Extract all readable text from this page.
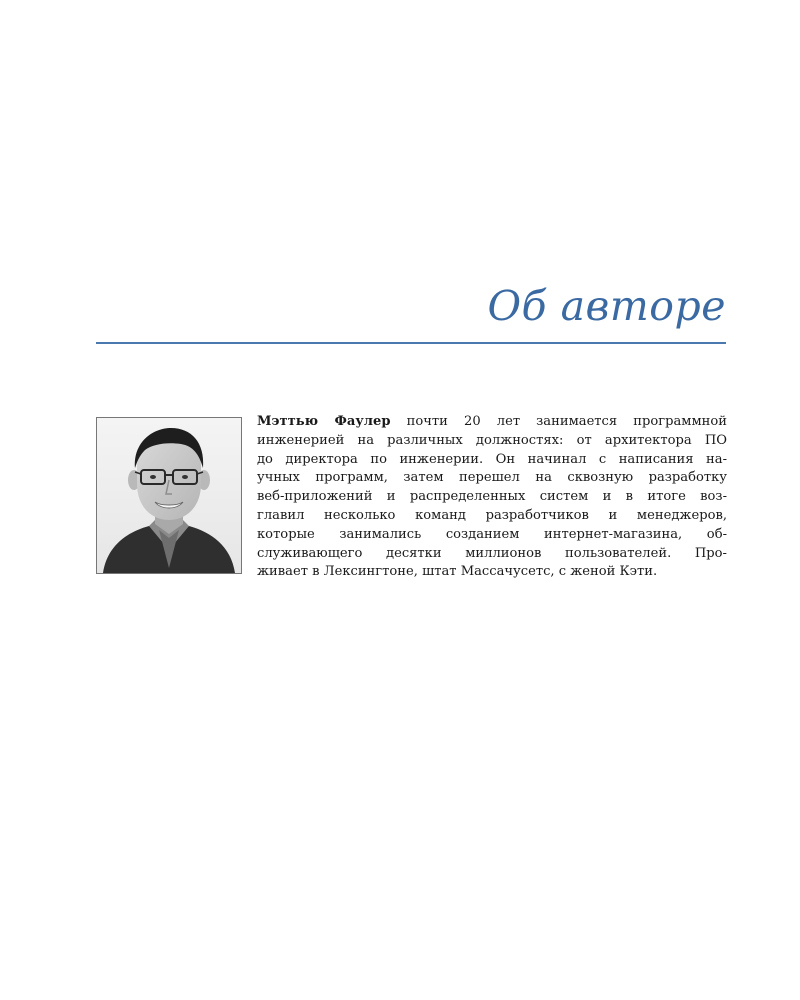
Об авторе

Мэттью Фаулер почти 20 лет занимается программной
инженерией на различных должностях: от архитектора ПО
до директора по инженерии. Он начинал с написания на-
учных программ, затем перешел на сквозную разработку
веб-приложений и распределенных систем и в итоге воз-
главил несколько команд разработчиков и менеджеров,
которые занимались созданием интернет-магазина, об-
служивающего десятки миллионов пользователей. Про-
живает в Лексингтоне, штат Массачусетс, с женой Кэти.
